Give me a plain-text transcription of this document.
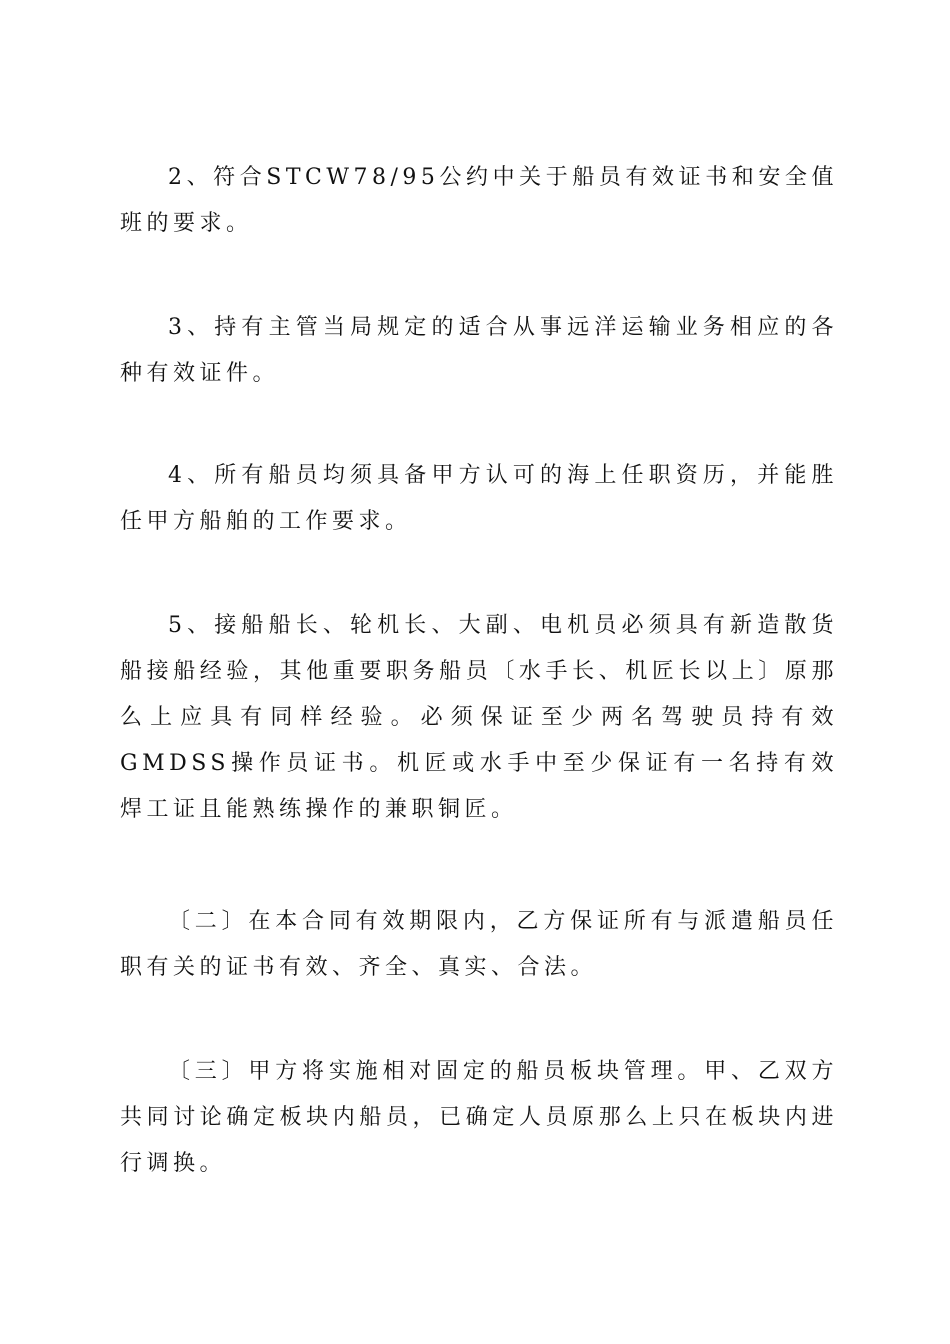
2、符合STCW78/95公约中关于船员有效证书和安全值班的要求。

3、持有主管当局规定的适合从事远洋运输业务相应的各种有效证件。

4、所有船员均须具备甲方认可的海上任职资历，并能胜任甲方船舶的工作要求。

5、接船船长、轮机长、大副、电机员必须具有新造散货船接船经验，其他重要职务船员〔水手长、机匠长以上〕原那么上应具有同样经验。必须保证至少两名驾驶员持有效GMDSS操作员证书。机匠或水手中至少保证有一名持有效焊工证且能熟练操作的兼职铜匠。

〔二〕在本合同有效期限内，乙方保证所有与派遣船员任职有关的证书有效、齐全、真实、合法。

〔三〕甲方将实施相对固定的船员板块管理。甲、乙双方共同讨论确定板块内船员，已确定人员原那么上只在板块内进行调换。
